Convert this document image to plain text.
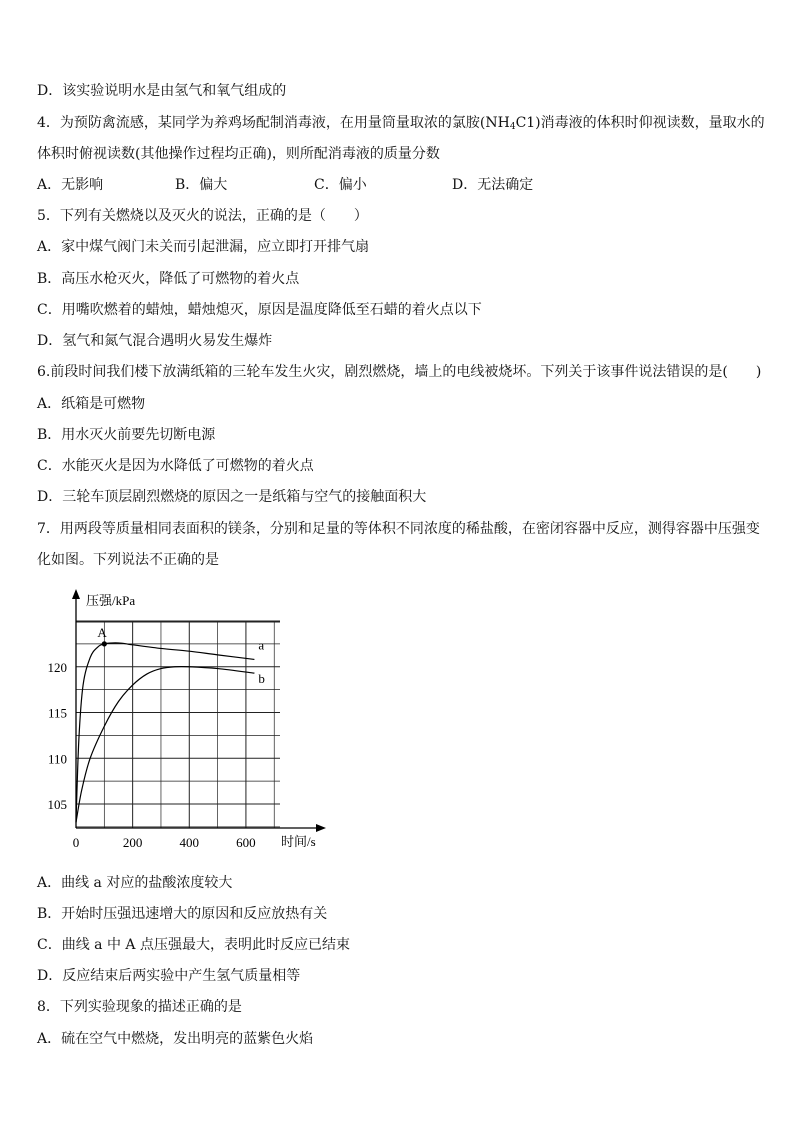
D．该实验说明水是由氢气和氧气组成的
4．为预防禽流感，某同学为养鸡场配制消毒液，在用量筒量取浓的氯胺$(NH_4C1)$消毒液的体积时仰视读数，量取水的
体积时俯视读数(其他操作过程均正确)，则所配消毒液的质量分数
A．无影响	B．偏大	C．偏小	D．无法确定
5．下列有关燃烧以及灭火的说法，正确的是（　　）
A．家中煤气阀门未关而引起泄漏，应立即打开排气扇
B．高压水枪灭火，降低了可燃物的着火点
C．用嘴吹燃着的蜡烛，蜡烛熄灭，原因是温度降低至石蜡的着火点以下
D．氢气和氮气混合遇明火易发生爆炸
6.前段时间我们楼下放满纸箱的三轮车发生火灾，剧烈燃烧，墙上的电线被烧坏。下列关于该事件说法错误的是(　　)
A．纸箱是可燃物
B．用水灭火前要先切断电源
C．水能灭火是因为水降低了可燃物的着火点
D．三轮车顶层剧烈燃烧的原因之一是纸箱与空气的接触面积大
7．用两段等质量相同表面积的镁条，分别和足量的等体积不同浓度的稀盐酸，在密闭容器中反应，测得容器中压强变
化如图。下列说法不正确的是
压强/kPa
时间/s
105
110
115
120
0	200	400	600
a
b
A
A．曲线 a 对应的盐酸浓度较大
B．开始时压强迅速增大的原因和反应放热有关
C．曲线 a 中 A 点压强最大，表明此时反应已结束
D．反应结束后两实验中产生氢气质量相等
8．下列实验现象的描述正确的是
A．硫在空气中燃烧，发出明亮的蓝紫色火焰
